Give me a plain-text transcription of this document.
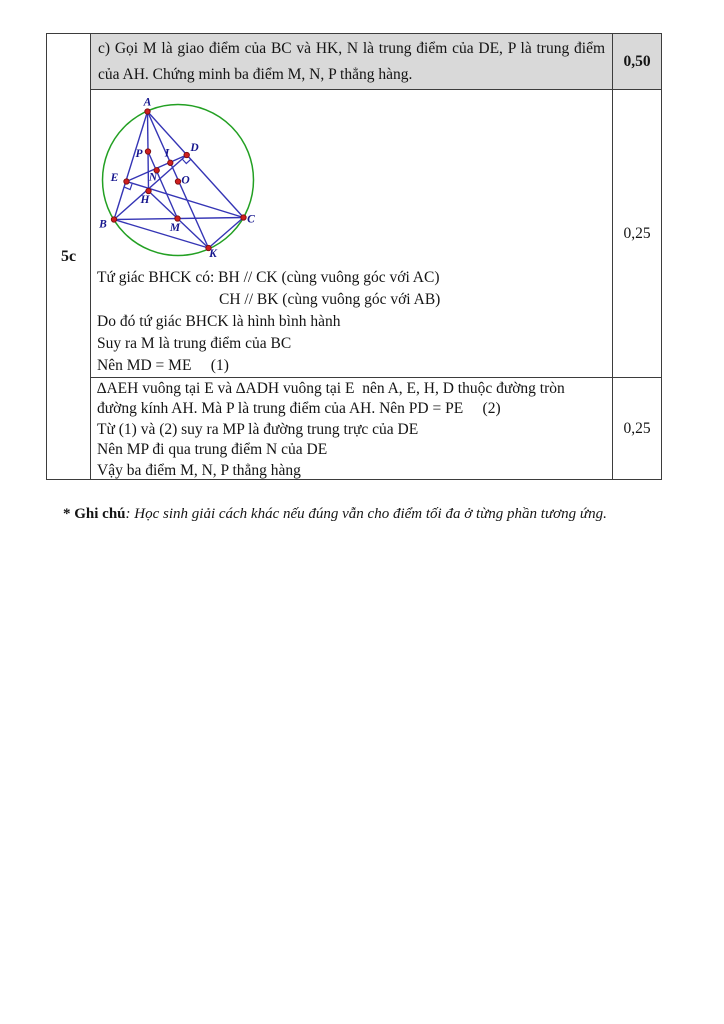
5c
c) Gọi M là giao điểm của BC và HK, N là trung điểm của DE, P là trung điểm
của AH. Chứng minh ba điểm M, N, P thẳng hàng.
0,50
A
B	C
K
D
E
H
P I
N O
M
Tứ giác BHCK có: BH // CK (cùng vuông góc với AC)
CH // BK (cùng vuông góc với AB)
Do đó tứ giác BHCK là hình bình hành
Suy ra M là trung điểm của BC
Nên MD = ME     (1)
0,25
∆AEH vuông tại E và ∆ADH vuông tại E  nên A, E, H, D thuộc đường tròn
đường kính AH. Mà P là trung điểm của AH. Nên PD = PE     (2)
Từ (1) và (2) suy ra MP là đường trung trực của DE
Nên MP đi qua trung điểm N của DE
Vậy ba điểm M, N, P thẳng hàng
0,25

* Ghi chú: Học sinh giải cách khác nếu đúng vẫn cho điểm tối đa ở từng phần tương ứng.
